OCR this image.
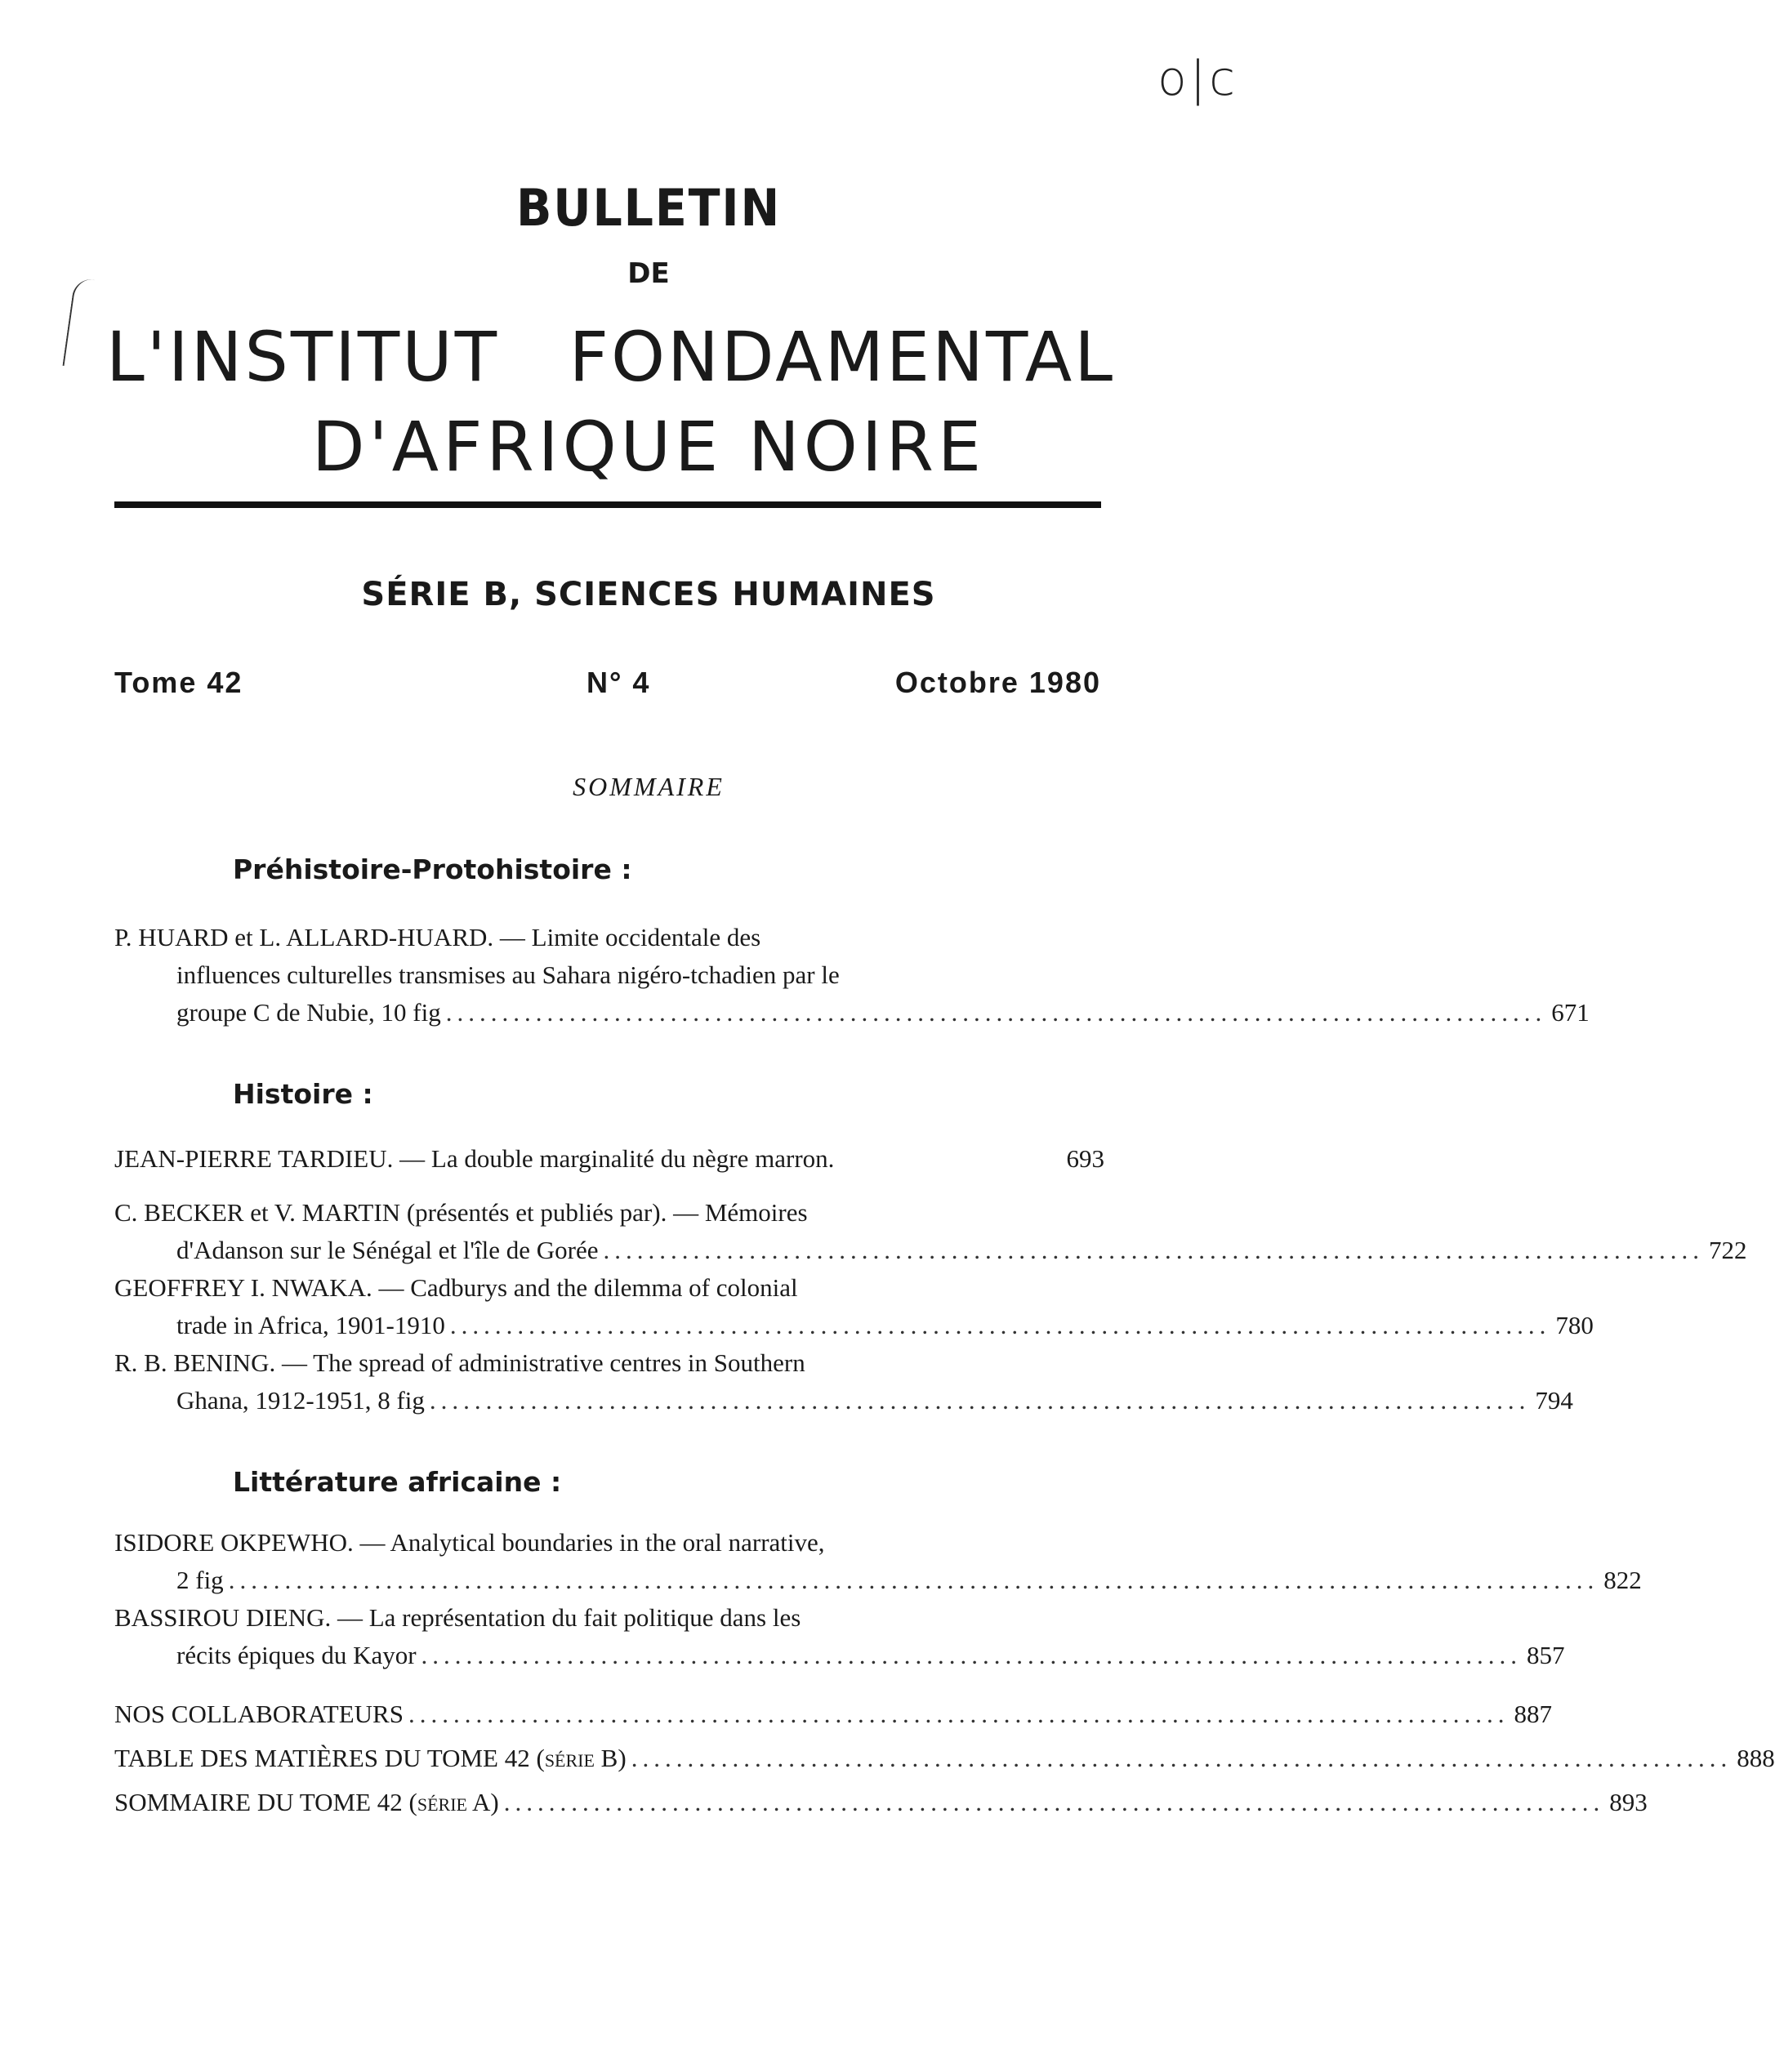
o|c
BULLETIN
DE
L'INSTITUT FONDAMENTAL
D'AFRIQUE NOIRE
SÉRIE B, SCIENCES HUMAINES
Tome 42	N° 4	Octobre 1980
SOMMAIRE
Préhistoire-Protohistoire :
P. HUARD et L. ALLARD-HUARD. — Limite occidentale des
influences culturelles transmises au Sahara nigéro-tchadien par le
groupe C de Nubie, 10 fig .................................................................................................. 671
Histoire :
JEAN-PIERRE TARDIEU. — La double marginalité du nègre marron.	693
C. BECKER et V. MARTIN (présentés et publiés par). — Mémoires
d'Adanson sur le Sénégal et l'île de Gorée .................................................................................................. 722
GEOFFREY I. NWAKA. — Cadburys and the dilemma of colonial
trade in Africa, 1901-1910 .................................................................................................. 780
R. B. BENING. — The spread of administrative centres in Southern
Ghana, 1912-1951, 8 fig .................................................................................................. 794
Littérature africaine :
ISIDORE OKPEWHO. — Analytical boundaries in the oral narrative,
2 fig .......................................................................................................................... 822
BASSIROU DIENG. — La représentation du fait politique dans les
récits épiques du Kayor .................................................................................................. 857
NOS COLLABORATEURS .................................................................................................. 887
TABLE DES MATIÈRES DU TOME 42 (série B) .................................................................................................. 888
SOMMAIRE DU TOME 42 (série A) .................................................................................................. 893
